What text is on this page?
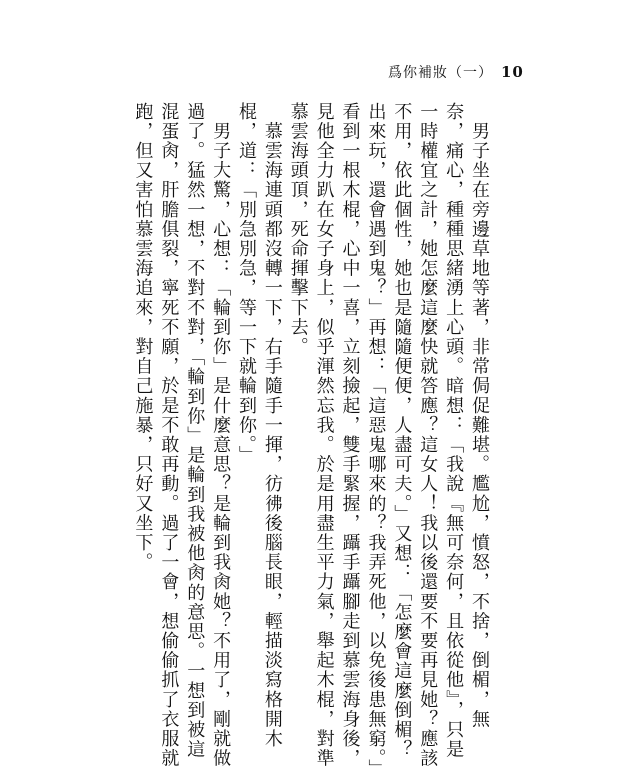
爲你補妝（一） 10
　男子坐在旁邊草地等著，非常侷促難堪。尷尬，憤怒，不捨，倒楣，無
奈，痛心，種種思緒湧上心頭。暗想：「我說『無可奈何，且依從他』，只是
一時權宜之計，她怎麼這麼快就答應？這女人！我以後還要不要再見她？應該
不用，依此個性，她也是隨隨便便，人盡可夫。」又想：「怎麼會這麼倒楣？
出來玩，還會遇到鬼？」再想：「這惡鬼哪來的？我弄死他，以免後患無窮。」
看到一根木棍，心中一喜，立刻撿起，雙手緊握，躡手躡腳走到慕雲海身後，
見他全力趴在女子身上，似乎渾然忘我。於是用盡生平力氣，舉起木棍，對準
慕雲海頭頂，死命揮擊下去。
　慕雲海連頭都沒轉一下，右手隨手一揮，彷彿後腦長眼，輕描淡寫格開木
棍，道：「別急別急，等一下就輪到你。」
　男子大驚，心想：「輪到你」是什麼意思？是輪到我肏她？不用了，剛就做
過了。猛然一想，不對不對，「輪到你」是輪到我被他肏的意思。一想到被這
混蛋肏，肝膽俱裂，寧死不願，於是不敢再動。過了一會，想偷偷抓了衣服就
跑，但又害怕慕雲海追來，對自己施暴，只好又坐下。
